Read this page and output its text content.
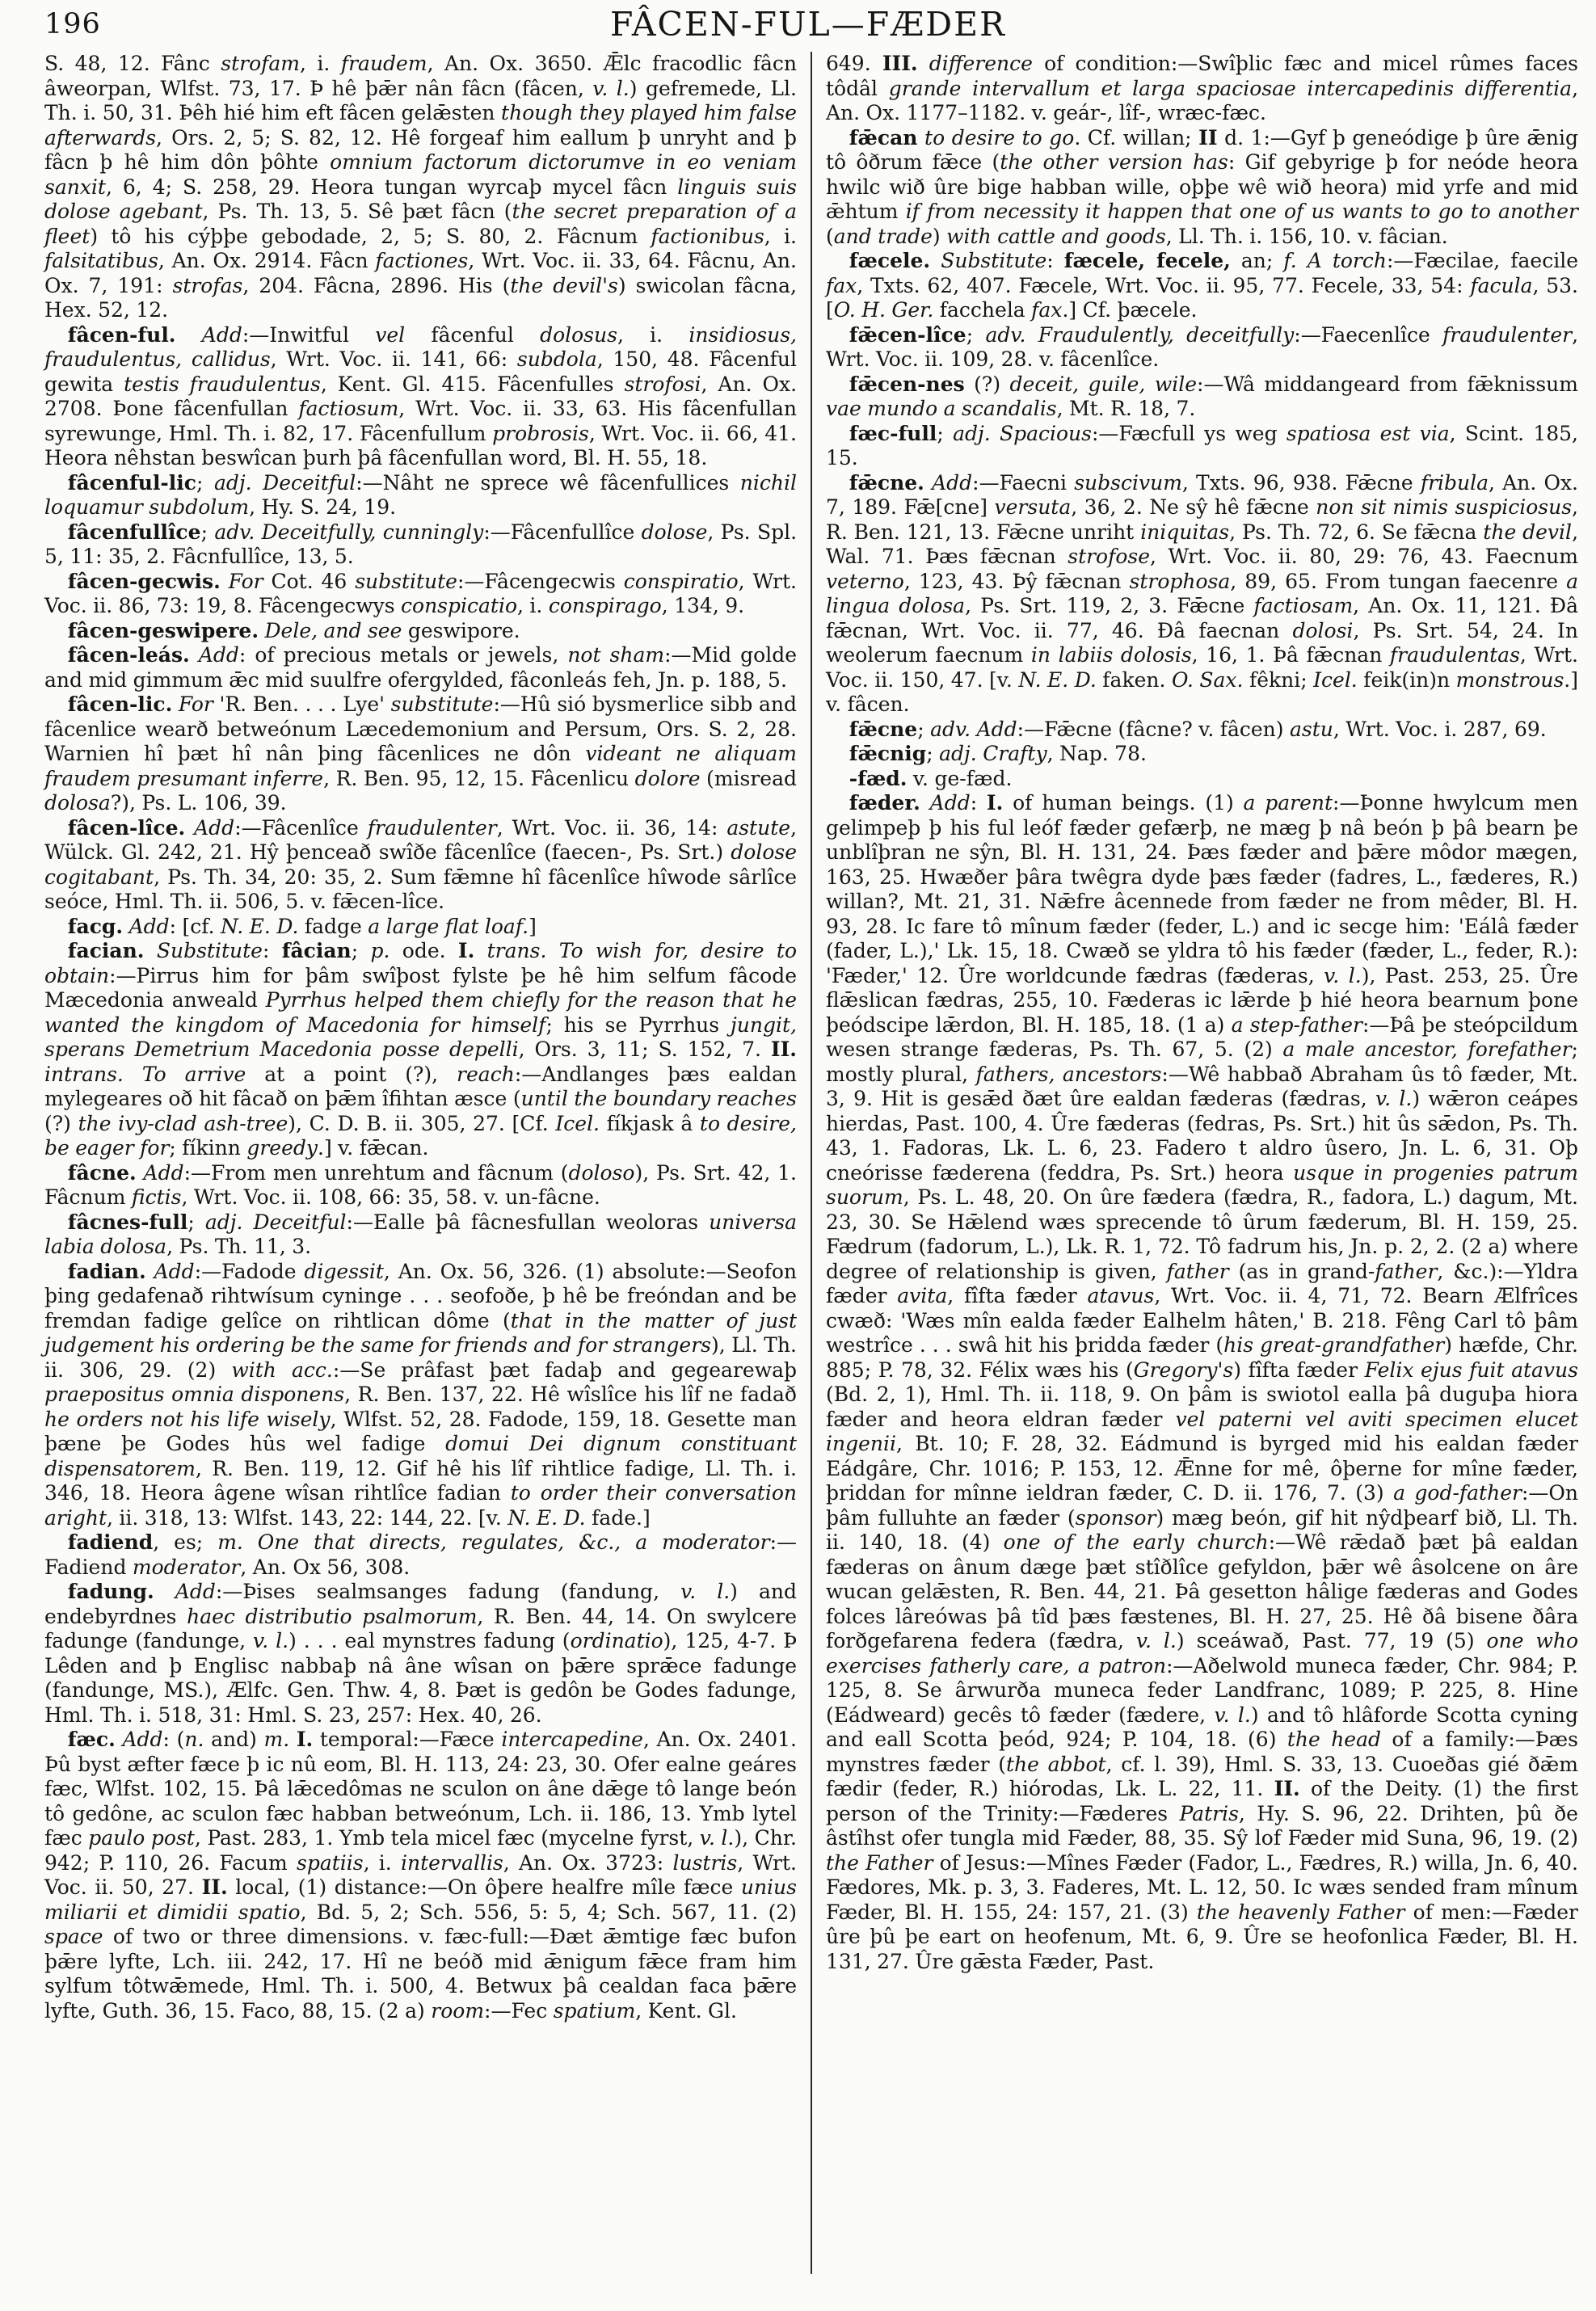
196	FÂCEN-FUL—FÆDER

S. 48, 12. Fânc strofam, i. fraudem, An. Ox. 3650. Ǣlc fracodlic fâcn âweorpan, Wlfst. 73, 17. Þ hê þǣr nân fâcn (fâcen, v. l.) gefremede, Ll. Th. i. 50, 31. Þêh hié him eft fâcen gelǣsten though they played him false afterwards, Ors. 2, 5; S. 82, 12. Hê forgeaf him eallum þ unryht and þ fâcn þ hê him dôn þôhte omnium factorum dictorumve in eo veniam sanxit, 6, 4; S. 258, 29. Heora tungan wyrcaþ mycel fâcn linguis suis dolose agebant, Ps. Th. 13, 5. Sê þæt fâcn (the secret preparation of a fleet) tô his cýþþe gebodade, 2, 5; S. 80, 2. Fâcnum factionibus, i. falsitatibus, An. Ox. 2914. Fâcn factiones, Wrt. Voc. ii. 33, 64. Fâcnu, An. Ox. 7, 191: strofas, 204. Fâcna, 2896. His (the devil's) swicolan fâcna, Hex. 52, 12.

fâcen-ful. Add:—Inwitful vel fâcenful dolosus, i. insidiosus, fraudulentus, callidus, Wrt. Voc. ii. 141, 66: subdola, 150, 48. Fâcenful gewita testis fraudulentus, Kent. Gl. 415. Fâcenfulles strofosi, An. Ox. 2708. Þone fâcenfullan factiosum, Wrt. Voc. ii. 33, 63. His fâcenfullan syrewunge, Hml. Th. i. 82, 17. Fâcenfullum probrosis, Wrt. Voc. ii. 66, 41. Heora nêhstan beswîcan þurh þâ fâcenfullan word, Bl. H. 55, 18.

fâcenful-lic; adj. Deceitful:—Nâht ne sprece wê fâcenfullices nichil loquamur subdolum, Hy. S. 24, 19.

fâcenfullîce; adv. Deceitfully, cunningly:—Fâcenfullîce dolose, Ps. Spl. 5, 11: 35, 2. Fâcnfullîce, 13, 5.

fâcen-gecwis. For Cot. 46 substitute:—Fâcengecwis conspiratio, Wrt. Voc. ii. 86, 73: 19, 8. Fâcengecwys conspicatio, i. conspirago, 134, 9.

fâcen-geswipere. Dele, and see geswipore.

fâcen-leás. Add: of precious metals or jewels, not sham:—Mid golde and mid gimmum ǣc mid suulfre ofergylded, fâconleás feh, Jn. p. 188, 5.

fâcen-lic. For 'R. Ben. . . . Lye' substitute:—Hû sió bysmerlice sibb and fâcenlice wearð betweónum Læcedemonium and Persum, Ors. S. 2, 28. Warnien hî þæt hî nân þing fâcenlices ne dôn videant ne aliquam fraudem presumant inferre, R. Ben. 95, 12, 15. Fâcenlicu dolore (misread dolosa?), Ps. L. 106, 39.

fâcen-lîce. Add:—Fâcenlîce fraudulenter, Wrt. Voc. ii. 36, 14: astute, Wülck. Gl. 242, 21. Hŷ þenceað swîðe fâcenlîce (faecen-, Ps. Srt.) dolose cogitabant, Ps. Th. 34, 20: 35, 2. Sum fǣmne hî fâcenlîce hîwode sârlîce seóce, Hml. Th. ii. 506, 5. v. fǣcen-lîce.

facg. Add: [cf. N. E. D. fadge a large flat loaf.]

facian. Substitute: fâcian; p. ode. I. trans. To wish for, desire to obtain:—Pirrus him for þâm swîþost fylste þe hê him selfum fâcode Mæcedonia anweald Pyrrhus helped them chiefly for the reason that he wanted the kingdom of Macedonia for himself; his se Pyrrhus jungit, sperans Demetrium Macedonia posse depelli, Ors. 3, 11; S. 152, 7. II. intrans. To arrive at a point (?), reach:—Andlanges þæs ealdan mylegeares oð hit fâcað on þǣm îfihtan æsce (until the boundary reaches (?) the ivy-clad ash-tree), C. D. B. ii. 305, 27. [Cf. Icel. fíkjask â to desire, be eager for; fíkinn greedy.] v. fǣcan.

fâcne. Add:—From men unrehtum and fâcnum (doloso), Ps. Srt. 42, 1. Fâcnum fictis, Wrt. Voc. ii. 108, 66: 35, 58. v. un-fâcne.

fâcnes-full; adj. Deceitful:—Ealle þâ fâcnesfullan weoloras universa labia dolosa, Ps. Th. 11, 3.

fadian. Add:—Fadode digessit, An. Ox. 56, 326. (1) absolute:—Seofon þing gedafenað rihtwísum cyninge . . . seofoðe, þ hê be freóndan and be fremdan fadige gelîce on rihtlican dôme (that in the matter of just judgement his ordering be the same for friends and for strangers), Ll. Th. ii. 306, 29. (2) with acc.:—Se prâfast þæt fadaþ and gegearewaþ praepositus omnia disponens, R. Ben. 137, 22. Hê wîslîce his lîf ne fadað he orders not his life wisely, Wlfst. 52, 28. Fadode, 159, 18. Gesette man þæne þe Godes hûs wel fadige domui Dei dignum constituant dispensatorem, R. Ben. 119, 12. Gif hê his lîf rihtlice fadige, Ll. Th. i. 346, 18. Heora âgene wîsan rihtlîce fadian to order their conversation aright, ii. 318, 13: Wlfst. 143, 22: 144, 22. [v. N. E. D. fade.]

fadiend, es; m. One that directs, regulates, &c., a moderator:—Fadiend moderator, An. Ox 56, 308.

fadung. Add:—Þises sealmsanges fadung (fandung, v. l.) and endebyrdnes haec distributio psalmorum, R. Ben. 44, 14. On swylcere fadunge (fandunge, v. l.) . . . eal mynstres fadung (ordinatio), 125, 4-7. Þ Lêden and þ Englisc nabbaþ nâ âne wîsan on þǣre sprǣce fadunge (fandunge, MS.), Ælfc. Gen. Thw. 4, 8. Þæt is gedôn be Godes fadunge, Hml. Th. i. 518, 31: Hml. S. 23, 257: Hex. 40, 26.

fæc. Add: (n. and) m. I. temporal:—Fæce intercapedine, An. Ox. 2401. Þû byst æfter fæce þ ic nû eom, Bl. H. 113, 24: 23, 30. Ofer ealne geáres fæc, Wlfst. 102, 15. Þâ lǣcedômas ne sculon on âne dǣge tô lange beón tô gedône, ac sculon fæc habban betweónum, Lch. ii. 186, 13. Ymb lytel fæc paulo post, Past. 283, 1. Ymb tela micel fæc (mycelne fyrst, v. l.), Chr. 942; P. 110, 26. Facum spatiis, i. intervallis, An. Ox. 3723: lustris, Wrt. Voc. ii. 50, 27. II. local, (1) distance:—On ôþere healfre mîle fæce unius miliarii et dimidii spatio, Bd. 5, 2; Sch. 556, 5: 5, 4; Sch. 567, 11. (2) space of two or three dimensions. v. fæc-full:—Ðæt ǣmtige fæc bufon þǣre lyfte, Lch. iii. 242, 17. Hî ne beóð mid ǣnigum fǣce fram him sylfum tôtwǣmede, Hml. Th. i. 500, 4. Betwux þâ cealdan faca þǣre lyfte, Guth. 36, 15. Faco, 88, 15. (2 a) room:—Fec spatium, Kent. Gl.

649. III. difference of condition:—Swîþlic fæc and micel rûmes faces tôdâl grande intervallum et larga spaciosae intercapedinis differentia, An. Ox. 1177–1182. v. geár-, lîf-, wræc-fæc.

fǣcan to desire to go. Cf. willan; II d. 1:—Gyf þ geneódige þ ûre ǣnig tô ôðrum fǣce (the other version has: Gif gebyrige þ for neóde heora hwilc wið ûre bige habban wille, oþþe wê wið heora) mid yrfe and mid ǣhtum if from necessity it happen that one of us wants to go to another (and trade) with cattle and goods, Ll. Th. i. 156, 10. v. fâcian.

fæcele. Substitute: fæcele, fecele, an; f. A torch:—Fæcilae, faecile fax, Txts. 62, 407. Fæcele, Wrt. Voc. ii. 95, 77. Fecele, 33, 54: facula, 53. [O. H. Ger. facchela fax.] Cf. þæcele.

fǣcen-lîce; adv. Fraudulently, deceitfully:—Faecenlîce fraudulenter, Wrt. Voc. ii. 109, 28. v. fâcenlîce.

fǣcen-nes (?) deceit, guile, wile:—Wâ middangeard from fǣknissum vae mundo a scandalis, Mt. R. 18, 7.

fæc-full; adj. Spacious:—Fæcfull ys weg spatiosa est via, Scint. 185, 15.

fǣcne. Add:—Faecni subscivum, Txts. 96, 938. Fǣcne fribula, An. Ox. 7, 189. Fǣ[cne] versuta, 36, 2. Ne sŷ hê fǣcne non sit nimis suspiciosus, R. Ben. 121, 13. Fǣcne unriht iniquitas, Ps. Th. 72, 6. Se fǣcna the devil, Wal. 71. Þæs fǣcnan strofose, Wrt. Voc. ii. 80, 29: 76, 43. Faecnum veterno, 123, 43. Þŷ fǣcnan strophosa, 89, 65. From tungan faecenre a lingua dolosa, Ps. Srt. 119, 2, 3. Fǣcne factiosam, An. Ox. 11, 121. Ðâ fǣcnan, Wrt. Voc. ii. 77, 46. Ðâ faecnan dolosi, Ps. Srt. 54, 24. In weolerum faecnum in labiis dolosis, 16, 1. Þâ fǣcnan fraudulentas, Wrt. Voc. ii. 150, 47. [v. N. E. D. faken. O. Sax. fêkni; Icel. feik(in)n monstrous.] v. fâcen.

fǣcne; adv. Add:—Fǣcne (fâcne? v. fâcen) astu, Wrt. Voc. i. 287, 69.

fǣcnig; adj. Crafty, Nap. 78.

-fæd. v. ge-fæd.

fæder. Add: I. of human beings. (1) a parent:—Þonne hwylcum men gelimpeþ þ his ful leóf fæder gefærþ, ne mæg þ nâ beón þ þâ bearn þe unblîþran ne sŷn, Bl. H. 131, 24. Þæs fæder and þǣre môdor mægen, 163, 25. Hwæðer þâra twêgra dyde þæs fæder (fadres, L., fæderes, R.) willan?, Mt. 21, 31. Nǣfre âcennede from fæder ne from mêder, Bl. H. 93, 28. Ic fare tô mînum fæder (feder, L.) and ic secge him: 'Eálâ fæder (fader, L.),' Lk. 15, 18. Cwæð se yldra tô his fæder (fæder, L., feder, R.): 'Fæder,' 12. Ûre worldcunde fædras (fæderas, v. l.), Past. 253, 25. Ûre flǣslican fædras, 255, 10. Fæderas ic lǣrde þ hié heora bearnum þone þeódscipe lǣrdon, Bl. H. 185, 18. (1 a) a step-father:—Þâ þe steópcildum wesen strange fæderas, Ps. Th. 67, 5. (2) a male ancestor, forefather; mostly plural, fathers, ancestors:—Wê habbað Abraham ûs tô fæder, Mt. 3, 9. Hit is gesǣd ðæt ûre ealdan fæderas (fædras, v. l.) wǣron ceápes hierdas, Past. 100, 4. Ûre fæderas (fedras, Ps. Srt.) hit ûs sǣdon, Ps. Th. 43, 1. Fadoras, Lk. L. 6, 23. Fadero t aldro ûsero, Jn. L. 6, 31. Oþ cneórisse fæderena (feddra, Ps. Srt.) heora usque in progenies patrum suorum, Ps. L. 48, 20. On ûre fædera (fædra, R., fadora, L.) dagum, Mt. 23, 30. Se Hǣlend wæs sprecende tô ûrum fæderum, Bl. H. 159, 25. Fædrum (fadorum, L.), Lk. R. 1, 72. Tô fadrum his, Jn. p. 2, 2. (2 a) where degree of relationship is given, father (as in grand-father, &c.):—Yldra fæder avita, fîfta fæder atavus, Wrt. Voc. ii. 4, 71, 72. Bearn Ælfrîces cwæð: 'Wæs mîn ealda fæder Ealhelm hâten,' B. 218. Fêng Carl tô þâm westrîce . . . swâ hit his þridda fæder (his great-grandfather) hæfde, Chr. 885; P. 78, 32. Félix wæs his (Gregory's) fîfta fæder Felix ejus fuit atavus (Bd. 2, 1), Hml. Th. ii. 118, 9. On þâm is swiotol ealla þâ duguþa hiora fæder and heora eldran fæder vel paterni vel aviti specimen elucet ingenii, Bt. 10; F. 28, 32. Eádmund is byrged mid his ealdan fæder Eádgâre, Chr. 1016; P. 153, 12. Ǣnne for mê, ôþerne for mîne fæder, þriddan for mînne ieldran fæder, C. D. ii. 176, 7. (3) a god-father:—On þâm fulluhte an fæder (sponsor) mæg beón, gif hit nŷdþearf bið, Ll. Th. ii. 140, 18. (4) one of the early church:—Wê rǣdað þæt þâ ealdan fæderas on ânum dæge þæt stîðlîce gefyldon, þǣr wê âsolcene on âre wucan gelǣsten, R. Ben. 44, 21. Þâ gesetton hâlige fæderas and Godes folces lâreówas þâ tîd þæs fæstenes, Bl. H. 27, 25. Hê ðâ bisene ðâra forðgefarena federa (fædra, v. l.) sceáwað, Past. 77, 19 (5) one who exercises fatherly care, a patron:—Aðelwold muneca fæder, Chr. 984; P. 125, 8. Se ârwurða muneca feder Landfranc, 1089; P. 225, 8. Hine (Eádweard) gecês tô fæder (fædere, v. l.) and tô hlâforde Scotta cyning and eall Scotta þeód, 924; P. 104, 18. (6) the head of a family:—Þæs mynstres fæder (the abbot, cf. l. 39), Hml. S. 33, 13. Cuoeðas gié ðǣm fædir (feder, R.) hiórodas, Lk. L. 22, 11. II. of the Deity. (1) the first person of the Trinity:—Fæderes Patris, Hy. S. 96, 22. Drihten, þû ðe âstîhst ofer tungla mid Fæder, 88, 35. Sŷ lof Fæder mid Suna, 96, 19. (2) the Father of Jesus:—Mînes Fæder (Fador, L., Fædres, R.) willa, Jn. 6, 40. Fædores, Mk. p. 3, 3. Faderes, Mt. L. 12, 50. Ic wæs sended fram mînum Fæder, Bl. H. 155, 24: 157, 21. (3) the heavenly Father of men:—Fæder ûre þû þe eart on heofenum, Mt. 6, 9. Ûre se heofonlica Fæder, Bl. H. 131, 27. Ûre gǣsta Fæder, Past.
